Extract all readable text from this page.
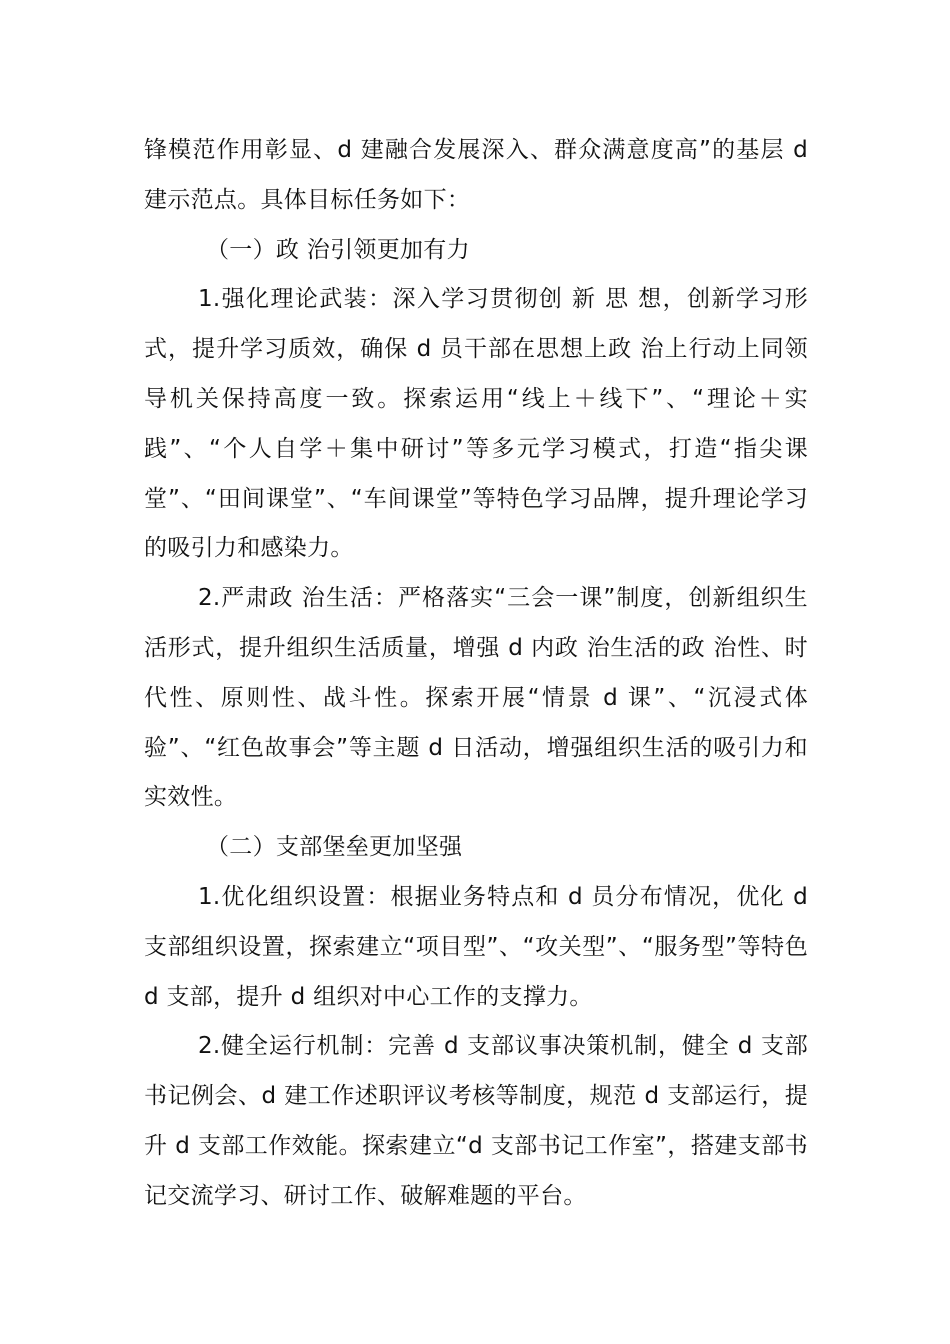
锋模范作用彰显、d 建融合发展深入、群众满意度高”的基层 d 建示范点。具体目标任务如下：

（一）政 治引领更加有力

1.强化理论武装：深入学习贯彻创 新 思 想，创新学习形式，提升学习质效，确保 d 员干部在思想上政 治上行动上同领导机关保持高度一致。探索运用“线上＋线下”、“理论＋实践”、“个人自学＋集中研讨”等多元学习模式，打造“指尖课堂”、“田间课堂”、“车间课堂”等特色学习品牌，提升理论学习的吸引力和感染力。

2.严肃政 治生活：严格落实“三会一课”制度，创新组织生活形式，提升组织生活质量，增强 d 内政 治生活的政 治性、时代性、原则性、战斗性。探索开展“情景 d 课”、“沉浸式体验”、“红色故事会”等主题 d 日活动，增强组织生活的吸引力和实效性。

（二）支部堡垒更加坚强

1.优化组织设置：根据业务特点和 d 员分布情况，优化 d 支部组织设置，探索建立“项目型”、“攻关型”、“服务型”等特色 d 支部，提升 d 组织对中心工作的支撑力。

2.健全运行机制：完善 d 支部议事决策机制，健全 d 支部书记例会、d 建工作述职评议考核等制度，规范 d 支部运行，提升 d 支部工作效能。探索建立“d 支部书记工作室”，搭建支部书记交流学习、研讨工作、破解难题的平台。
